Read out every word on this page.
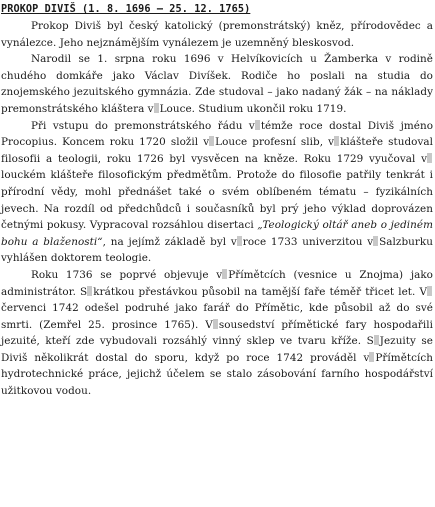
PROKOP DIVIŠ (1. 8. 1696 – 25. 12. 1765)

Prokop Diviš byl český katolický (premonstrátský) kněz, přírodovědec a vynálezce. Jeho nejznámějším vynálezem je uzemněný bleskosvod.

Narodil se 1. srpna roku 1696 v Helvíkovicích u Žamberka v rodině chudého domkáře jako Václav Divíšek. Rodiče ho poslali na studia do znojemského jezuitského gymnázia. Zde studoval – jako nadaný žák – na náklady premonstrátského kláštera v Louce. Studium ukončil roku 1719.

Při vstupu do premonstrátského řádu v témže roce dostal Diviš jméno Procopius. Koncem roku 1720 složil v Louce profesní slib, v klášteře studoval filosofii a teologii, roku 1726 byl vysvěcen na kněze. Roku 1729 vyučoval vlouckém klášteře filosofickým předmětům. Protože do filosofie patřily tenkrát i přírodní vědy, mohl přednášet také o svém oblíbeném tématu – fyzikálních jevech. Na rozdíl od předchůdců i současníků byl prý jeho výklad doprovázen četnými pokusy. Vypracoval rozsáhlou disertaci „Teologický oltář aneb o jediném bohu a blaženosti“, na jejímž základě byl v roce 1733 univerzitou v Salzburku vyhlášen doktorem teologie.

Roku 1736 se poprvé objevuje v Přímětcích (vesnice u Znojma) jako administrátor. S krátkou přestávkou působil na tamější faře téměř třicet let. Včervenci 1742 odešel podruhé jako farář do Přímětic, kde působil až do své smrti. (Zemřel 25. prosince 1765). V sousedství přímětické fary hospodařili jezuité, kteří zde vybudovali rozsáhlý vinný sklep ve tvaru kříže. S Jezuity se Diviš několikrát dostal do sporu, když po roce 1742 prováděl v Přímětcích hydrotechnické práce, jejichž účelem se stalo zásobování farního hospodářství užitkovou vodou.
